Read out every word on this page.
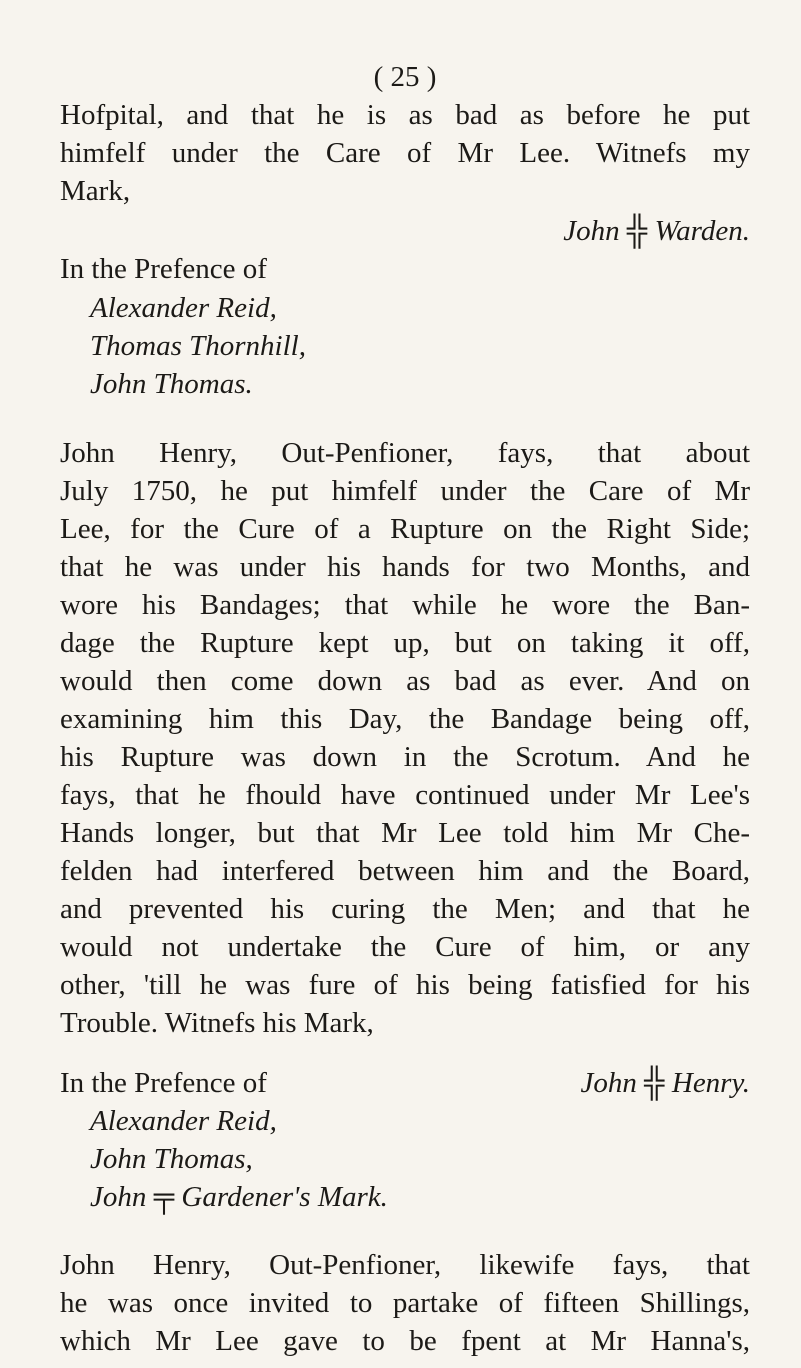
( 25 )
Hofpital, and that he is as bad as before he put
himfelf under the Care of Mr Lee. Witnefs my
Mark,
John ╬ Warden.
In the Prefence of
Alexander Reid,
Thomas Thornhill,
John Thomas.
John Henry, Out-Penfioner, fays, that about
July 1750, he put himfelf under the Care of Mr
Lee, for the Cure of a Rupture on the Right Side;
that he was under his hands for two Months, and
wore his Bandages; that while he wore the Ban-
dage the Rupture kept up, but on taking it off,
would then come down as bad as ever. And on
examining him this Day, the Bandage being off,
his Rupture was down in the Scrotum. And he
fays, that he fhould have continued under Mr Lee's
Hands longer, but that Mr Lee told him Mr Che-
felden had interfered between him and the Board,
and prevented his curing the Men; and that he
would not undertake the Cure of him, or any
other, 'till he was fure of his being fatisfied for his
Trouble. Witnefs his Mark,
In the Prefence of	John ╬ Henry.
Alexander Reid,
John Thomas,
John ╤ Gardener's Mark.
John Henry, Out-Penfioner, likewife fays, that
he was once invited to partake of fifteen Shillings,
which Mr Lee gave to be fpent at Mr Hanna's,
